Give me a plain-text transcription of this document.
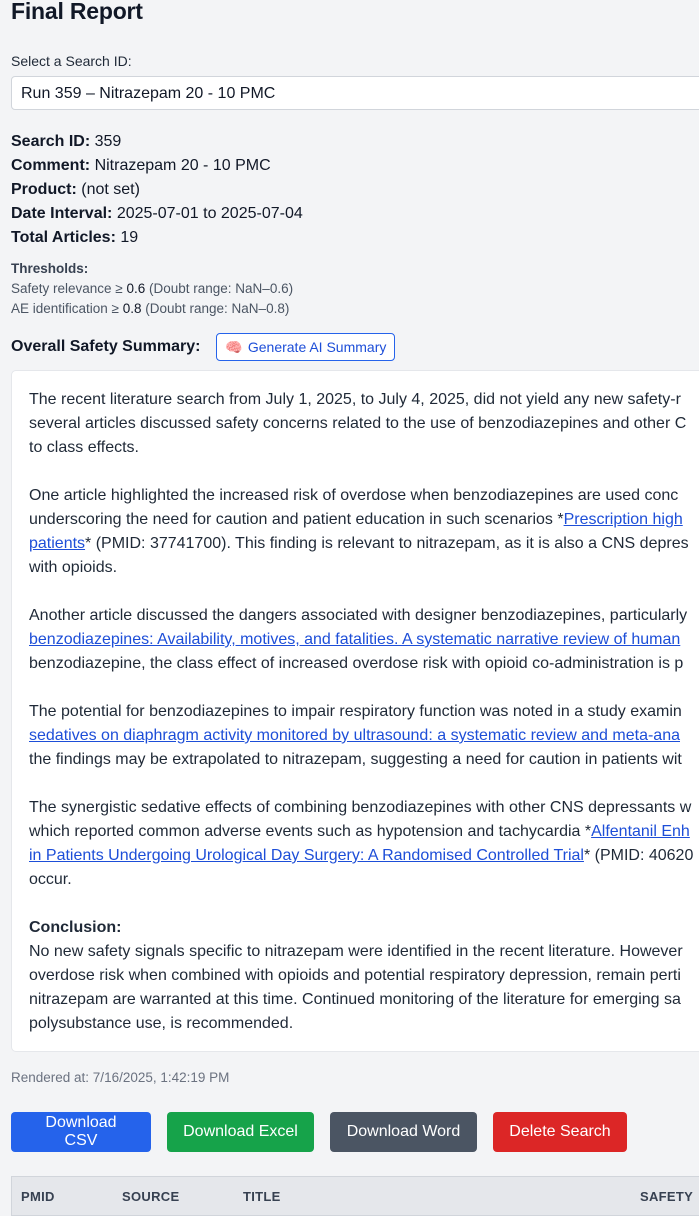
Final Report
Select a Search ID:
Run 359 – Nitrazepam 20 - 10 PMC
Search ID: 359
Comment: Nitrazepam 20 - 10 PMC
Product: (not set)
Date Interval: 2025-07-01 to 2025-07-04
Total Articles: 19
Thresholds:
Safety relevance ≥ 0.6 (Doubt range: NaN–0.6)
AE identification ≥ 0.8 (Doubt range: NaN–0.8)
Overall Safety Summary: 🧠 Generate AI Summary

The recent literature search from July 1, 2025, to July 4, 2025, did not yield any new safety-r
several articles discussed safety concerns related to the use of benzodiazepines and other C
to class effects.

One article highlighted the increased risk of overdose when benzodiazepines are used conc
underscoring the need for caution and patient education in such scenarios *Prescription high
patients* (PMID: 37741700). This finding is relevant to nitrazepam, as it is also a CNS depres
with opioids.

Another article discussed the dangers associated with designer benzodiazepines, particularly
benzodiazepines: Availability, motives, and fatalities. A systematic narrative review of human
benzodiazepine, the class effect of increased overdose risk with opioid co-administration is p

The potential for benzodiazepines to impair respiratory function was noted in a study examin
sedatives on diaphragm activity monitored by ultrasound: a systematic review and meta-ana
the findings may be extrapolated to nitrazepam, suggesting a need for caution in patients wit

The synergistic sedative effects of combining benzodiazepines with other CNS depressants w
which reported common adverse events such as hypotension and tachycardia *Alfentanil Enh
in Patients Undergoing Urological Day Surgery: A Randomised Controlled Trial* (PMID: 40620
occur.

Conclusion:
No new safety signals specific to nitrazepam were identified in the recent literature. However
overdose risk when combined with opioids and potential respiratory depression, remain perti
nitrazepam are warranted at this time. Continued monitoring of the literature for emerging sa
polysubstance use, is recommended.

Rendered at: 7/16/2025, 1:42:19 PM
Download CSV
Download Excel	Download Word	Delete Search
PMID	SOURCE	TITLE	SAFETY
